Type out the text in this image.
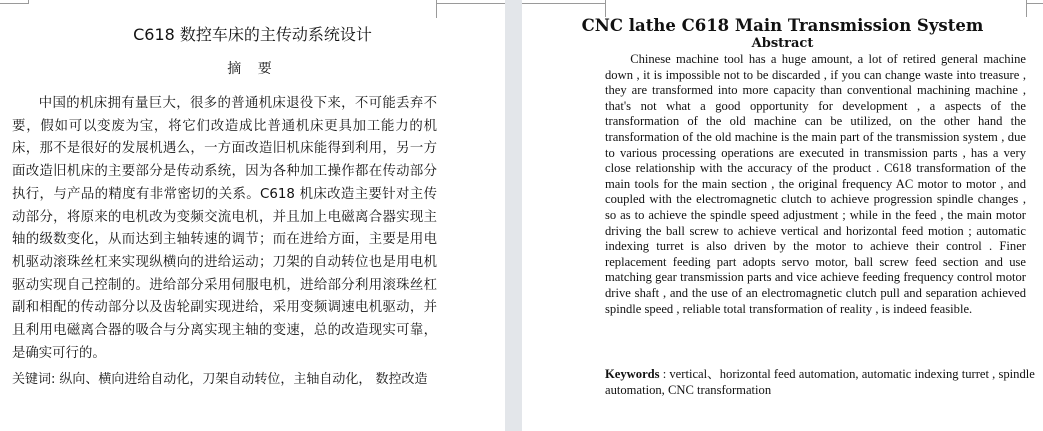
C618 数控车床的主传动系统设计
摘 要

中国的机床拥有量巨大，很多的普通机床退役下来，不可能丢弃不要，假如可以变废为宝，将它们改造成比普通机床更具加工能力的机床，那不是很好的发展机遇么，一方面改造旧机床能得到利用，另一方面改造旧机床的主要部分是传动系统，因为各种加工操作都在传动部分执行，与产品的精度有非常密切的关系。C618 机床改造主要针对主传动部分，将原来的电机改为变频交流电机，并且加上电磁离合器实现主轴的级数变化，从而达到主轴转速的调节；而在进给方面，主要是用电机驱动滚珠丝杠来实现纵横向的进给运动；刀架的自动转位也是用电机驱动实现自己控制的。进给部分采用伺服电机，进给部分利用滚珠丝杠副和相配的传动部分以及齿轮副实现进给，采用变频调速电机驱动，并且利用电磁离合器的吸合与分离实现主轴的变速，总的改造现实可靠，是确实可行的。

关键词: 纵向、横向进给自动化，刀架自动转位，主轴自动化， 数控改造
CNC lathe C618 Main Transmission System
Abstract

Chinese machine tool has a huge amount, a lot of retired general machine down , it is impossible not to be discarded , if you can change waste into treasure , they are transformed into more capacity than conventional machining machine , that's not what a good opportunity for development , a aspects of the transformation of the old machine can be utilized, on the other hand the transformation of the old machine is the main part of the transmission system , due to various processing operations are executed in transmission parts , has a very close relationship with the accuracy of the product . C618 transformation of the main tools for the main section , the original frequency AC motor to motor , and coupled with the electromagnetic clutch to achieve progression spindle changes , so as to achieve the spindle speed adjustment ; while in the feed , the main motor driving the ball screw to achieve vertical and horizontal feed motion ; automatic indexing turret is also driven by the motor to achieve their control . Finer replacement feeding part adopts servo motor, ball screw feed section and use matching gear transmission parts and vice achieve feeding frequency control motor drive shaft , and the use of an electromagnetic clutch pull and separation achieved spindle speed , reliable total transformation of reality , is indeed feasible.

Keywords : vertical、horizontal feed automation, automatic indexing turret , spindle automation, CNC transformation
